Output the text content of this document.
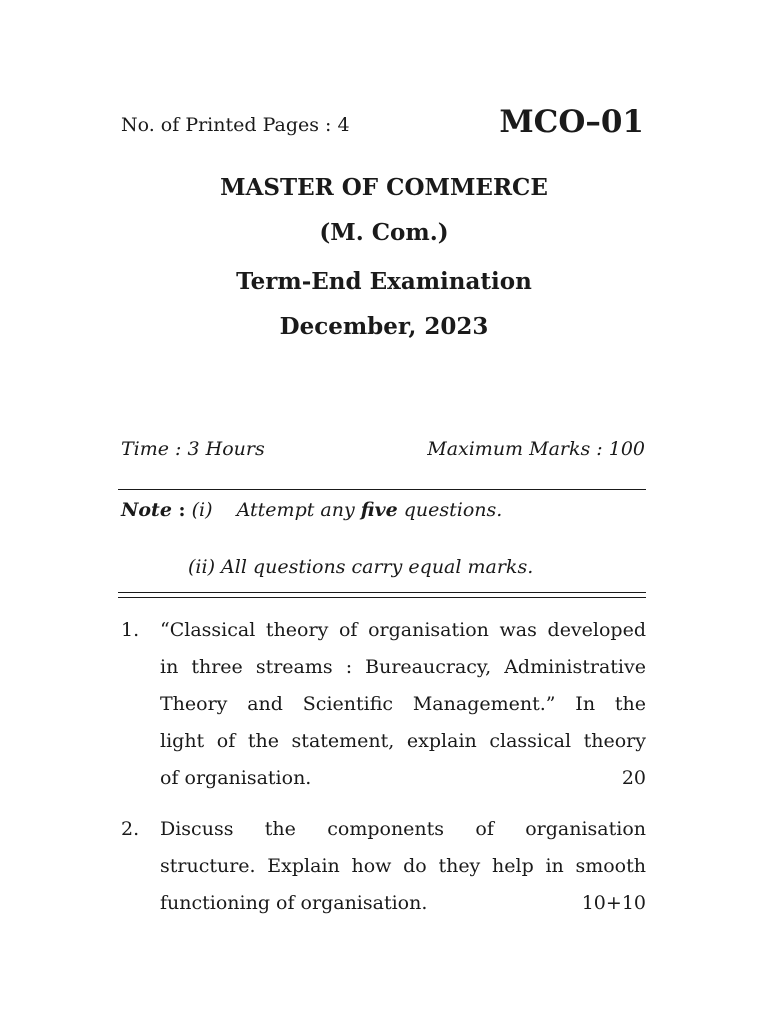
No. of Printed Pages : 4	MCO–01
MASTER OF COMMERCE
(M. Com.)
Term-End Examination
December, 2023
Time : 3 Hours	Maximum Marks : 100
Note : (i)    Attempt any five questions.
(ii) All questions carry equal marks.
1. “Classical theory of organisation was developed
in three streams : Bureaucracy, Administrative
Theory and Scientific Management.” In the
light of the statement, explain classical theory
of organisation.	20
2. Discuss the components of organisation
structure. Explain how do they help in smooth
functioning of organisation.	10+10
